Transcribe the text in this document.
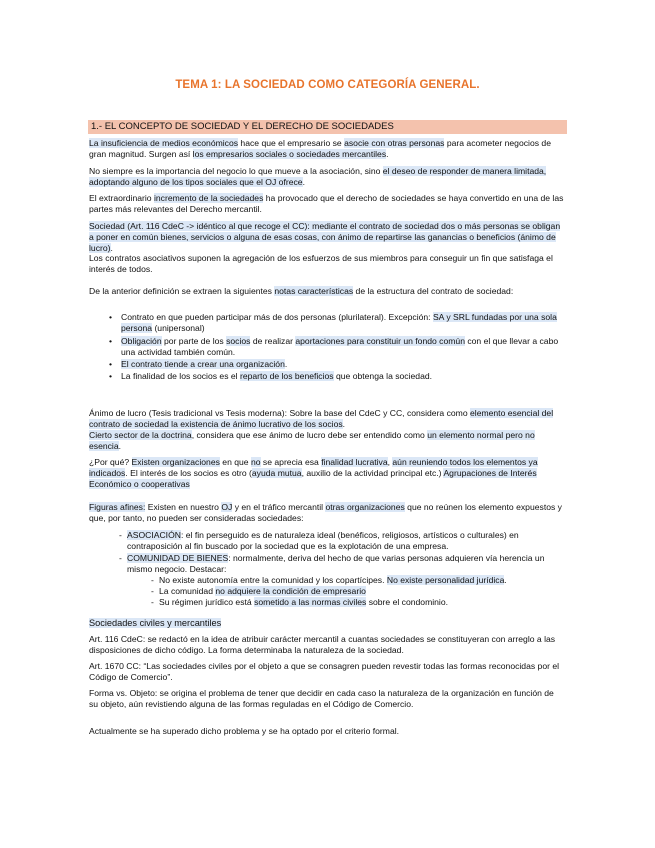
TEMA 1: LA SOCIEDAD COMO CATEGORÍA GENERAL.
1.- EL CONCEPTO DE SOCIEDAD Y EL DERECHO DE SOCIEDADES
La insuficiencia de medios económicos hace que el empresario se asocie con otras personas para acometer negocios de gran magnitud. Surgen así los empresarios sociales o sociedades mercantiles.
No siempre es la importancia del negocio lo que mueve a la asociación, sino el deseo de responder de manera limitada, adoptando alguno de los tipos sociales que el OJ ofrece.
El extraordinario incremento de la sociedades ha provocado que el derecho de sociedades se haya convertido en una de las partes más relevantes del Derecho mercantil.
Sociedad (Art. 116 CdeC -> idéntico al que recoge el CC): mediante el contrato de sociedad dos o más personas se obligan a poner en común bienes, servicios o alguna de esas cosas, con ánimo de repartirse las ganancias o beneficios (ánimo de lucro).
Los contratos asociativos suponen la agregación de los esfuerzos de sus miembros para conseguir un fin que satisfaga el interés de todos.
De la anterior definición se extraen la siguientes notas características de la estructura del contrato de sociedad:
• Contrato en que pueden participar más de dos personas (plurilateral). Excepción: SA y SRL fundadas por una sola persona (unipersonal)
• Obligación por parte de los socios de realizar aportaciones para constituir un fondo común con el que llevar a cabo una actividad también común.
• El contrato tiende a crear una organización.
• La finalidad de los socios es el reparto de los beneficios que obtenga la sociedad.
Ánimo de lucro (Tesis tradicional vs Tesis moderna): Sobre la base del CdeC y CC, considera como elemento esencial del contrato de sociedad la existencia de ánimo lucrativo de los socios.
Cierto sector de la doctrina, considera que ese ánimo de lucro debe ser entendido como un elemento normal pero no esencia.
¿Por qué? Existen organizaciones en que no se aprecia esa finalidad lucrativa, aún reuniendo todos los elementos ya indicados. El interés de los socios es otro (ayuda mutua, auxilio de la actividad principal etc.) Agrupaciones de Interés Económico o cooperativas
Figuras afines: Existen en nuestro OJ y en el tráfico mercantil otras organizaciones que no reúnen los elemento expuestos y que, por tanto, no pueden ser consideradas sociedades:
- ASOCIACIÓN: el fin perseguido es de naturaleza ideal (benéficos, religiosos, artísticos o culturales) en contraposición al fin buscado por la sociedad que es la explotación de una empresa.
- COMUNIDAD DE BIENES: normalmente, deriva del hecho de que varias personas adquieren vía herencia un mismo negocio. Destacar:
- No existe autonomía entre la comunidad y los copartícipes. No existe personalidad jurídica.
- La comunidad no adquiere la condición de empresario
- Su régimen jurídico está sometido a las normas civiles sobre el condominio.
Sociedades civiles y mercantiles
Art. 116 CdeC: se redactó en la idea de atribuir carácter mercantil a cuantas sociedades se constituyeran con arreglo a las disposiciones de dicho código. La forma determinaba la naturaleza de la sociedad.
Art. 1670 CC: “Las sociedades civiles por el objeto a que se consagren pueden revestir todas las formas reconocidas por el Código de Comercio”.
Forma vs. Objeto: se origina el problema de tener que decidir en cada caso la naturaleza de la organización en función de su objeto, aún revistiendo alguna de las formas reguladas en el Código de Comercio.
Actualmente se ha superado dicho problema y se ha optado por el criterio formal.
